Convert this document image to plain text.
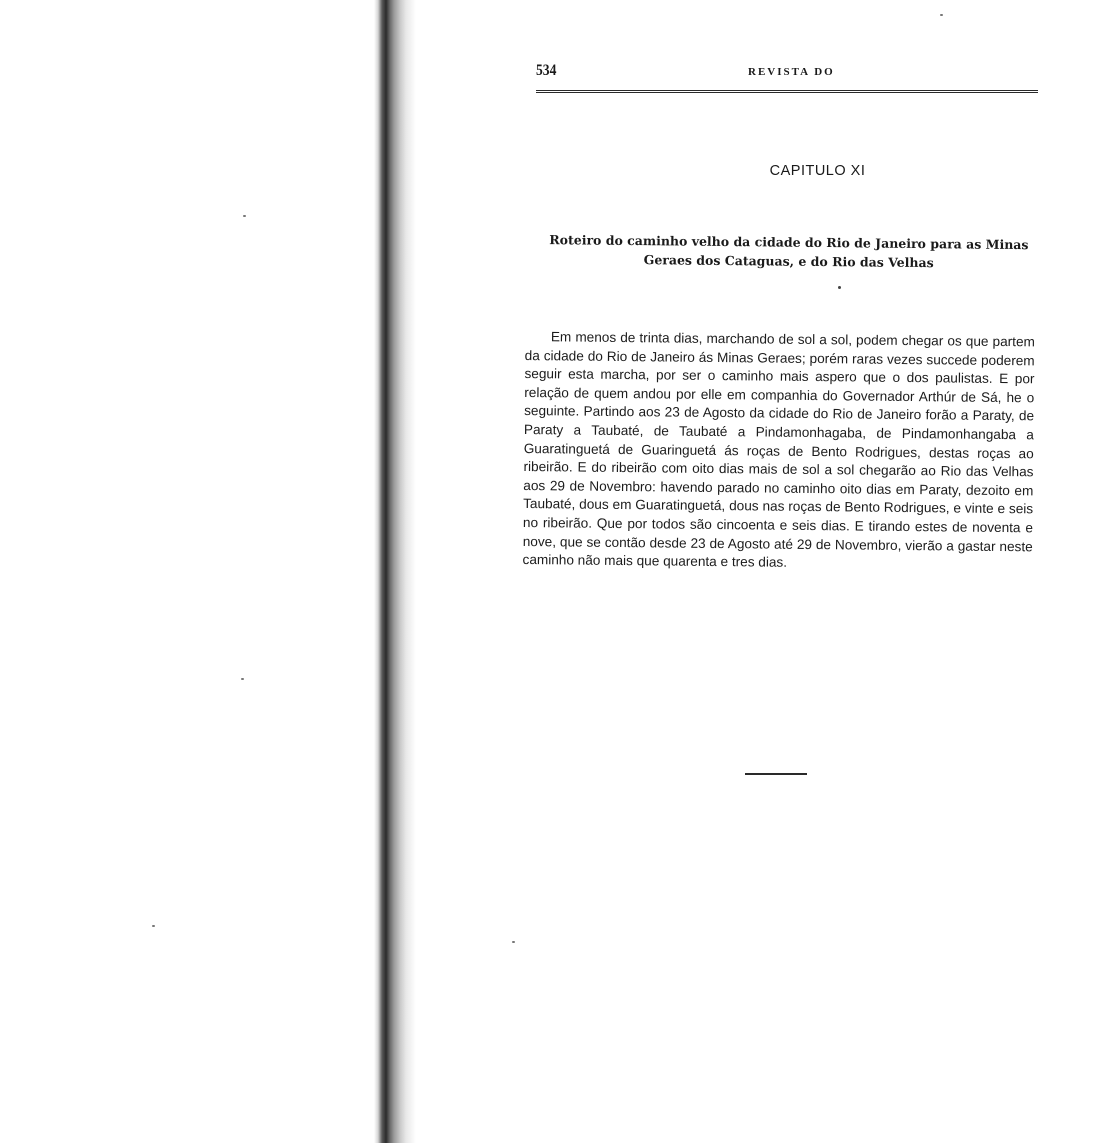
534	REVISTA DO
CAPITULO XI
Roteiro do caminho velho da cidade do Rio de Janeiro para as Minas Geraes dos Cataguas, e do Rio das Velhas

Em menos de trinta dias, marchando de sol a sol, podem chegar os que partem da cidade do Rio de Janeiro ás Minas Geraes; porém raras vezes succede poderem seguir esta marcha, por ser o caminho mais aspero que o dos paulistas. E por relação de quem andou por elle em companhia do Governador Arthúr de Sá, he o seguinte. Partindo aos 23 de Agosto da cidade do Rio de Janeiro forão a Paraty, de Paraty a Taubaté, de Taubaté a Pindamonhagaba, de Pindamonhangaba a Guaratinguetá de Guaringuetá ás roças de Bento Rodrigues, destas roças ao ribeirão. E do ribeirão com oito dias mais de sol a sol chegarão ao Rio das Velhas aos 29 de Novembro: havendo parado no caminho oito dias em Paraty, dezoito em Taubaté, dous em Guaratinguetá, dous nas roças de Bento Rodrigues, e vinte e seis no ribeirão. Que por todos são cincoenta e seis dias. E tirando estes de noventa e nove, que se contão desde 23 de Agosto até 29 de Novembro, vierão a gastar neste caminho não mais que quarenta e tres dias.
